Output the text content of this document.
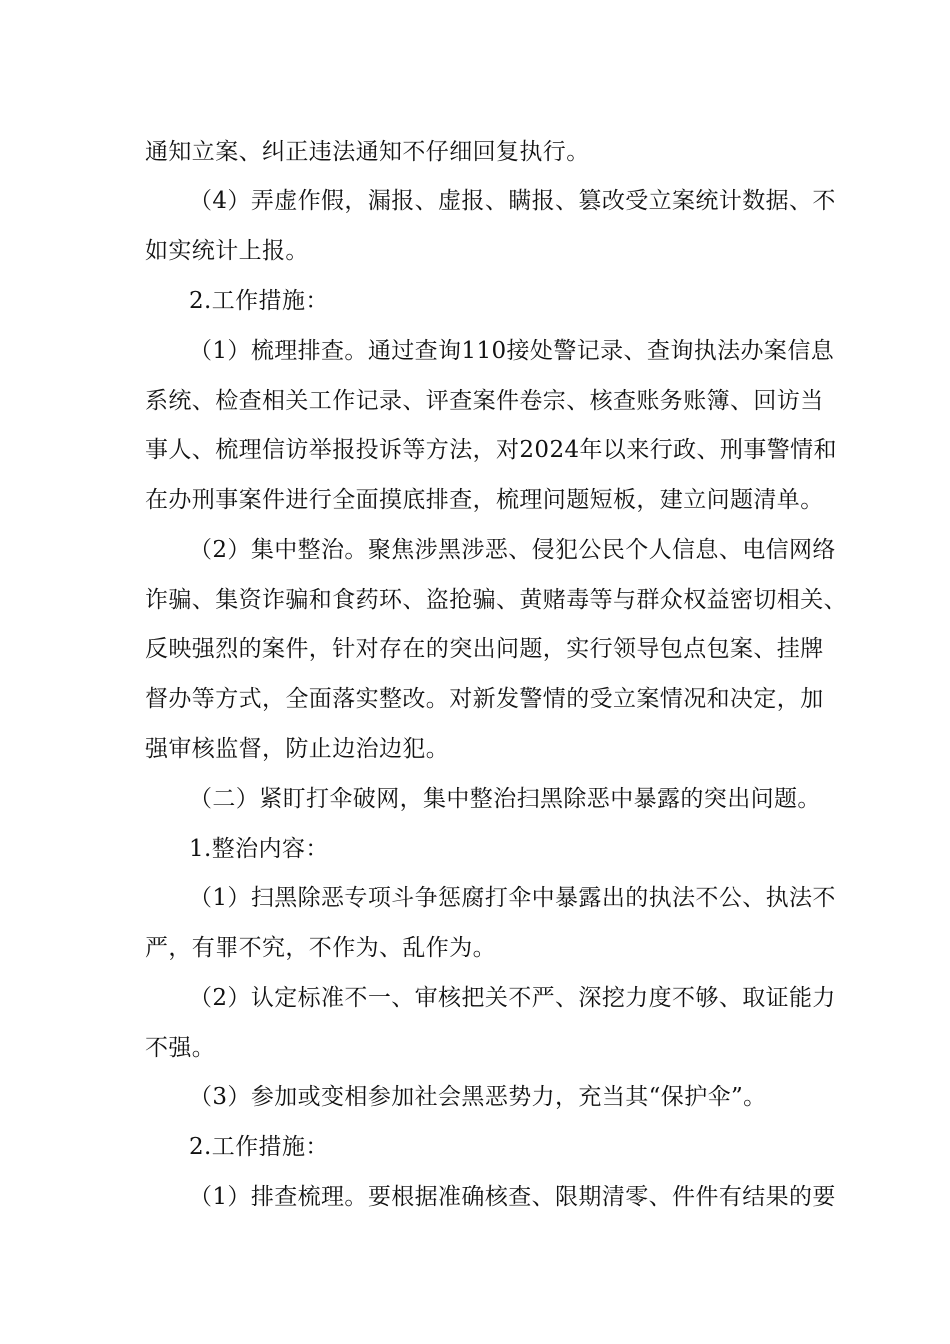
通知立案、纠正违法通知不仔细回复执行。
（4）弄虚作假，漏报、虚报、瞒报、篡改受立案统计数据、不
如实统计上报。
2.工作措施：
（1）梳理排查。通过查询110接处警记录、查询执法办案信息
系统、检查相关工作记录、评查案件卷宗、核查账务账簿、回访当
事人、梳理信访举报投诉等方法，对2024年以来行政、刑事警情和
在办刑事案件进行全面摸底排查，梳理问题短板，建立问题清单。
（2）集中整治。聚焦涉黑涉恶、侵犯公民个人信息、电信网络
诈骗、集资诈骗和食药环、盗抢骗、黄赌毒等与群众权益密切相关、
反映强烈的案件，针对存在的突出问题，实行领导包点包案、挂牌
督办等方式，全面落实整改。对新发警情的受立案情况和决定，加
强审核监督，防止边治边犯。
（二）紧盯打伞破网，集中整治扫黑除恶中暴露的突出问题。
1.整治内容：
（1）扫黑除恶专项斗争惩腐打伞中暴露出的执法不公、执法不
严，有罪不究，不作为、乱作为。
（2）认定标准不一、审核把关不严、深挖力度不够、取证能力
不强。
（3）参加或变相参加社会黑恶势力，充当其“保护伞”。
2.工作措施：
（1）排查梳理。要根据准确核查、限期清零、件件有结果的要
